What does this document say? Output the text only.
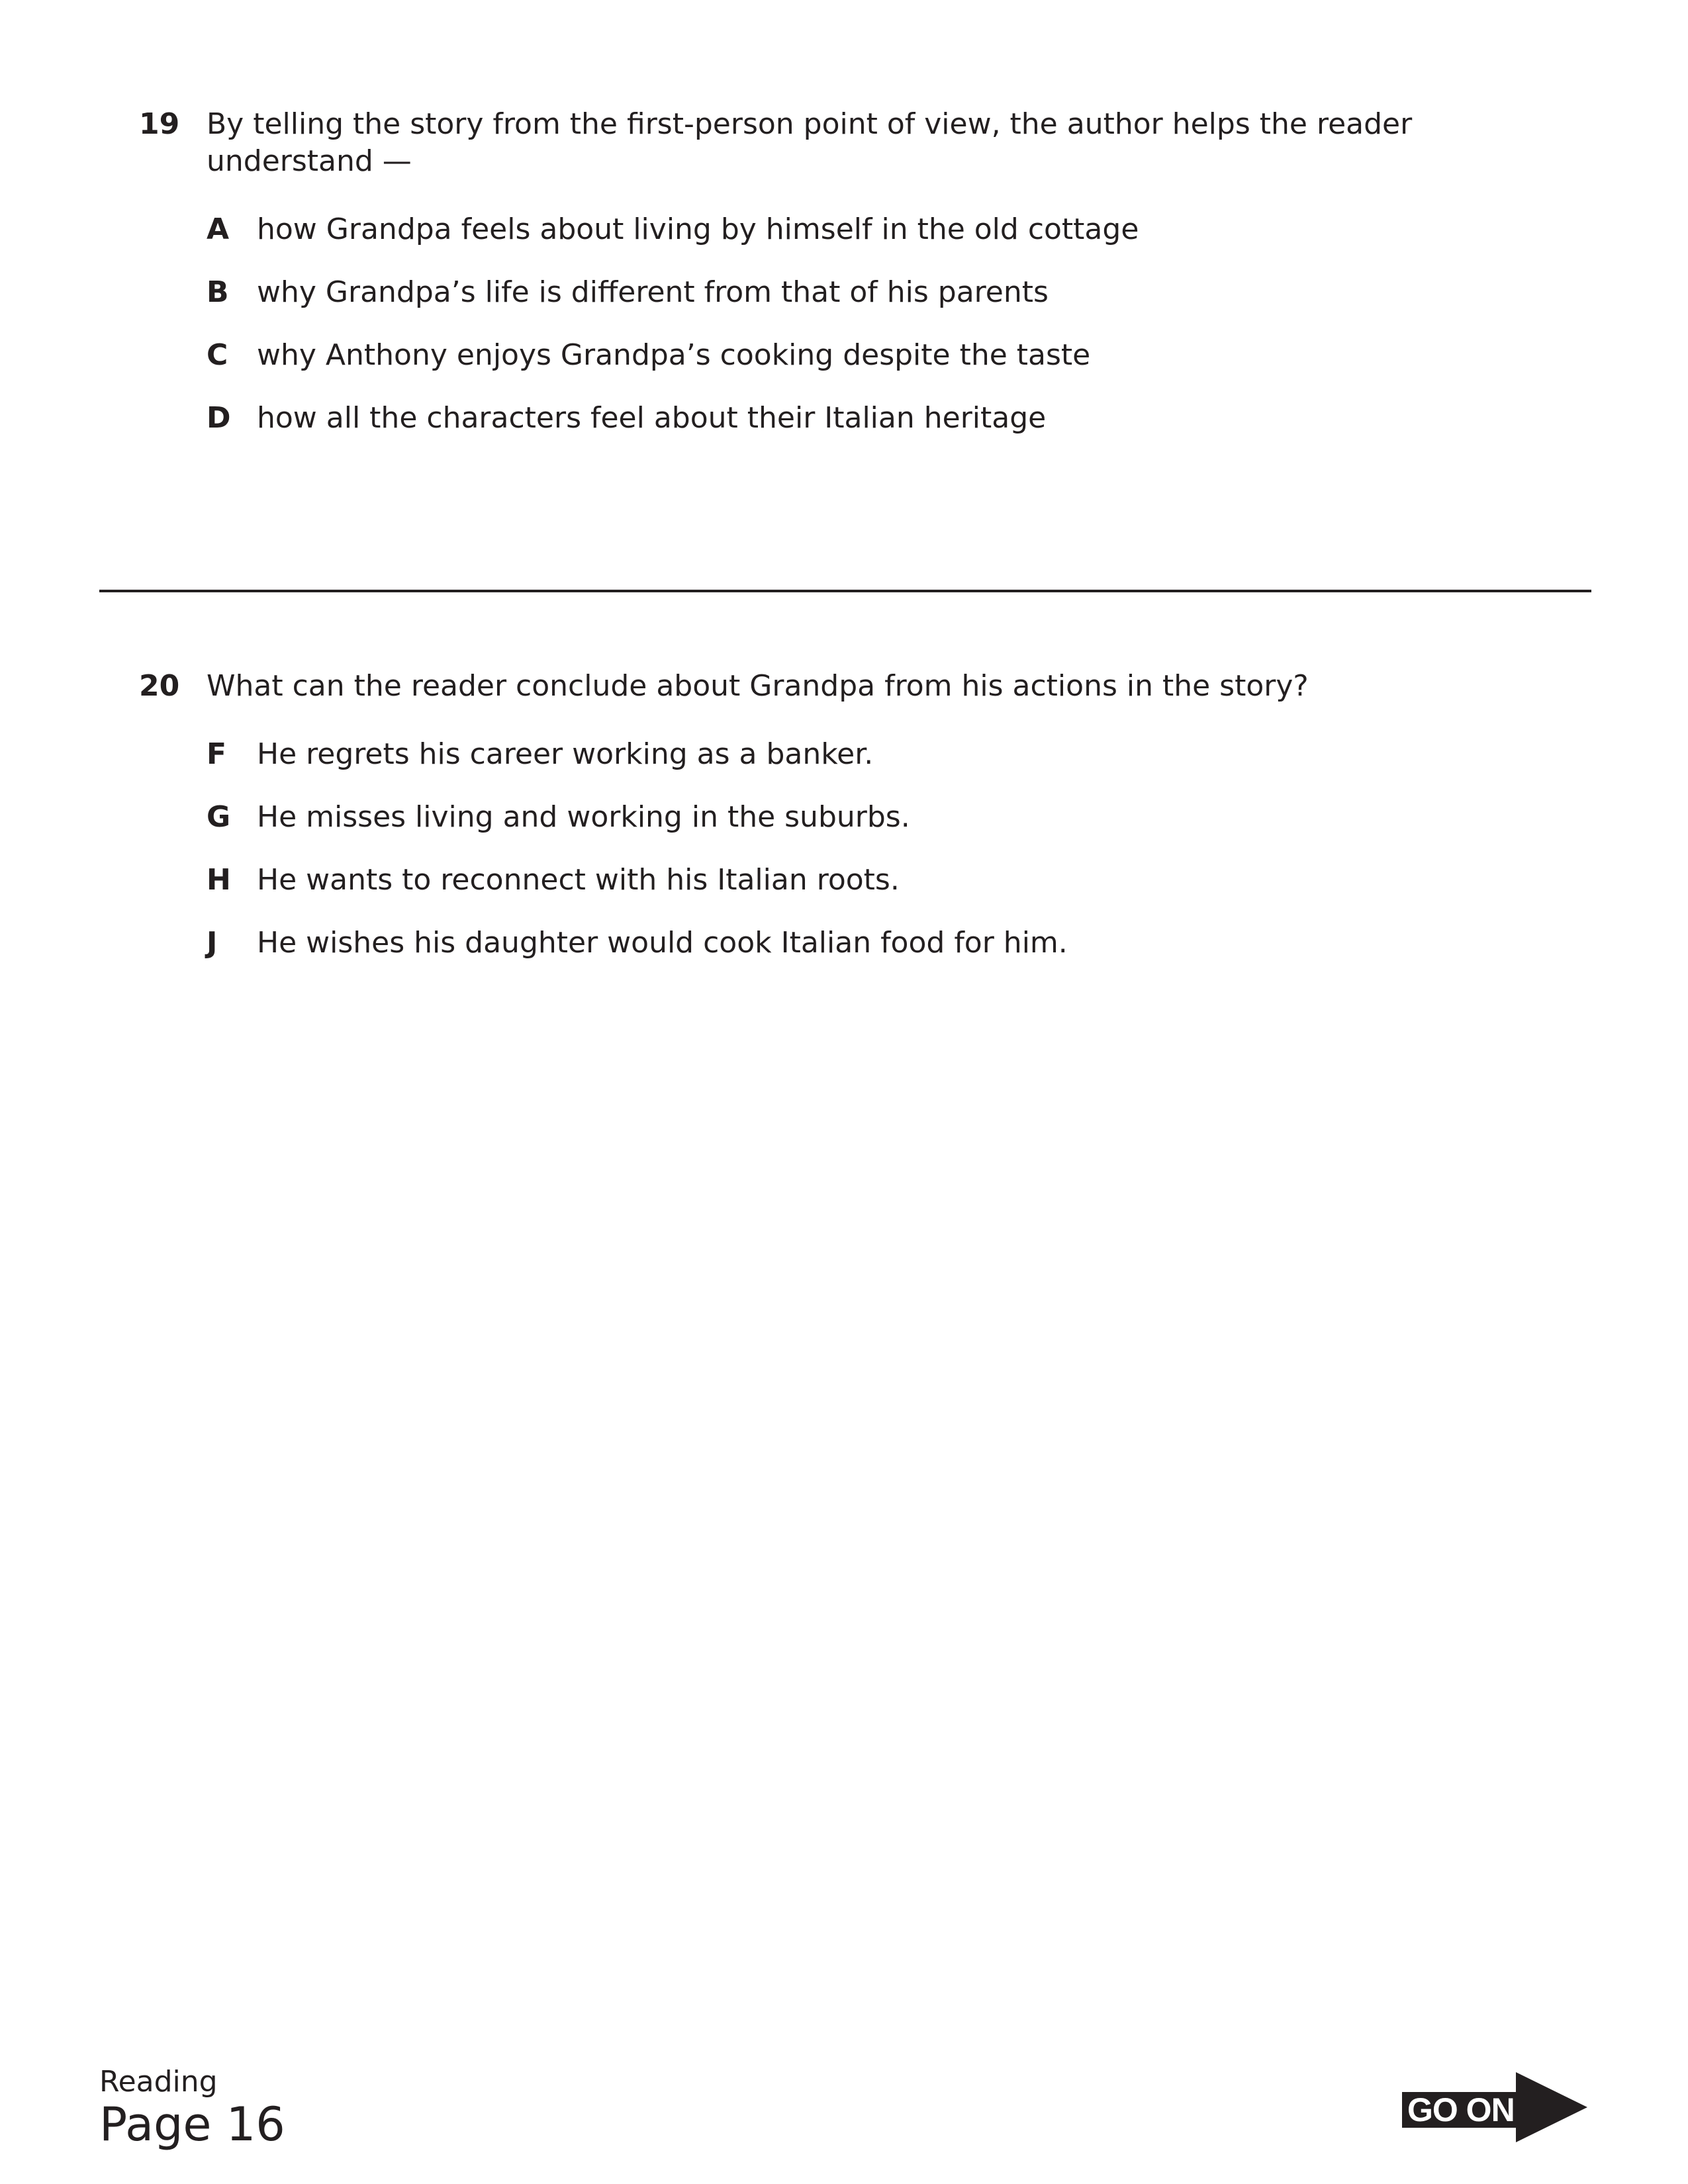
19 By telling the story from the first-person point of view, the author helps the reader understand —
A how Grandpa feels about living by himself in the old cottage
B why Grandpa’s life is different from that of his parents
C why Anthony enjoys Grandpa’s cooking despite the taste
D how all the characters feel about their Italian heritage
20 What can the reader conclude about Grandpa from his actions in the story?
F He regrets his career working as a banker.
G He misses living and working in the suburbs.
H He wants to reconnect with his Italian roots.
J He wishes his daughter would cook Italian food for him.
Reading
Page 16	GO ON
